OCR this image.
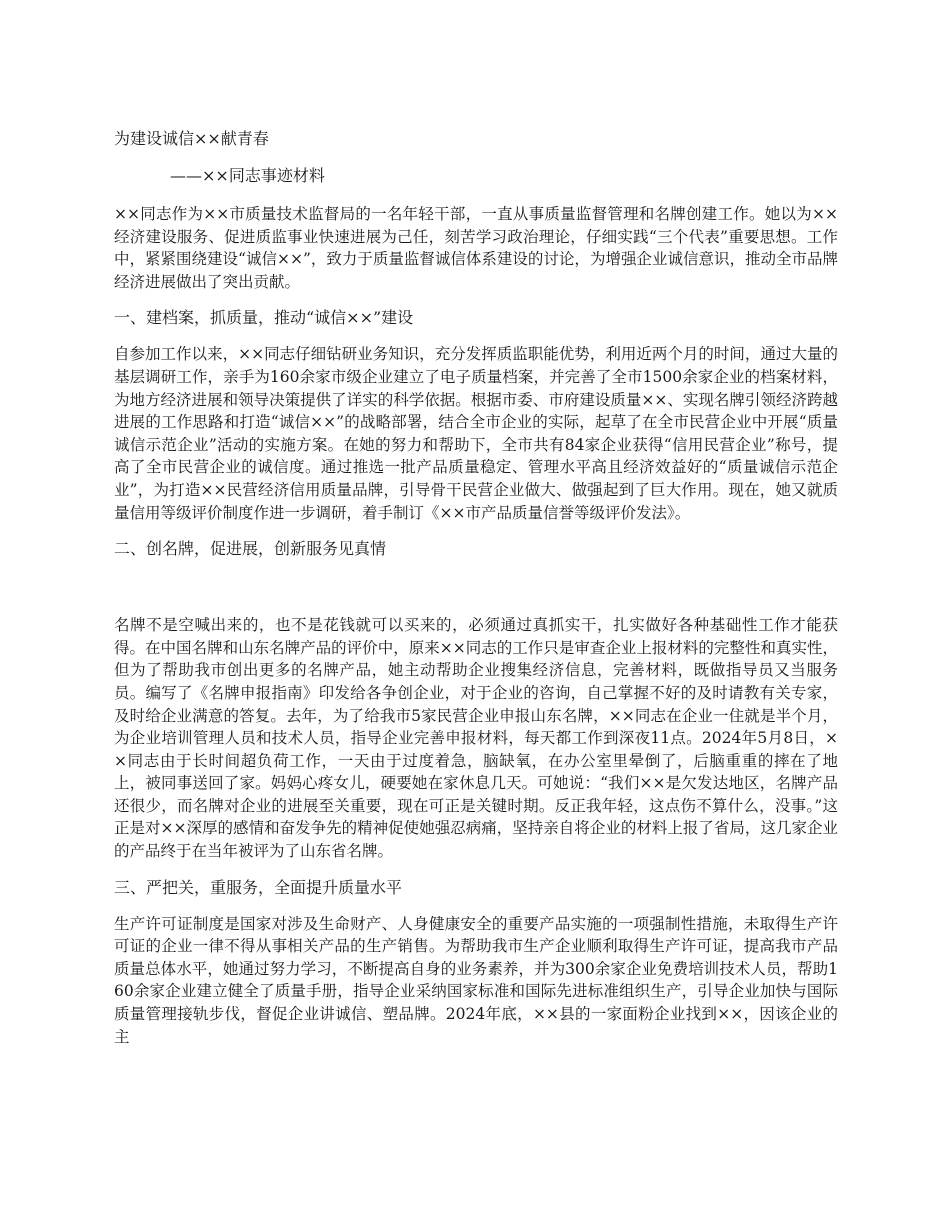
为建设诚信××献青春

——××同志事迹材料

××同志作为××市质量技术监督局的一名年轻干部，一直从事质量监督管理和名牌创建工作。她以为××经济建设服务、促进质监事业快速进展为己任，刻苦学习政治理论，仔细实践“三个代表”重要思想。工作中，紧紧围绕建设“诚信××”，致力于质量监督诚信体系建设的讨论，为增强企业诚信意识，推动全市品牌经济进展做出了突出贡献。

一、建档案，抓质量，推动“诚信××”建设

自参加工作以来，××同志仔细钻研业务知识，充分发挥质监职能优势，利用近两个月的时间，通过大量的基层调研工作，亲手为160余家市级企业建立了电子质量档案，并完善了全市1500余家企业的档案材料，为地方经济进展和领导决策提供了详实的科学依据。根据市委、市府建设质量××、实现名牌引领经济跨越进展的工作思路和打造“诚信××”的战略部署，结合全市企业的实际，起草了在全市民营企业中开展“质量诚信示范企业”活动的实施方案。在她的努力和帮助下，全市共有84家企业获得“信用民营企业”称号，提高了全市民营企业的诚信度。通过推选一批产品质量稳定、管理水平高且经济效益好的“质量诚信示范企业”，为打造××民营经济信用质量品牌，引导骨干民营企业做大、做强起到了巨大作用。现在，她又就质量信用等级评价制度作进一步调研，着手制订《××市产品质量信誉等级评价发法》。

二、创名牌，促进展，创新服务见真情

名牌不是空喊出来的，也不是花钱就可以买来的，必须通过真抓实干，扎实做好各种基础性工作才能获得。在中国名牌和山东名牌产品的评价中，原来××同志的工作只是审查企业上报材料的完整性和真实性，但为了帮助我市创出更多的名牌产品，她主动帮助企业搜集经济信息，完善材料，既做指导员又当服务员。编写了《名牌申报指南》印发给各争创企业，对于企业的咨询，自己掌握不好的及时请教有关专家，及时给企业满意的答复。去年，为了给我市5家民营企业申报山东名牌，××同志在企业一住就是半个月，为企业培训管理人员和技术人员，指导企业完善申报材料，每天都工作到深夜11点。2024年5月8日，××同志由于长时间超负荷工作，一天由于过度着急，脑缺氧，在办公室里晕倒了，后脑重重的摔在了地上，被同事送回了家。妈妈心疼女儿，硬要她在家休息几天。可她说：“我们××是欠发达地区，名牌产品还很少，而名牌对企业的进展至关重要，现在可正是关键时期。反正我年轻，这点伤不算什么，没事。”这正是对××深厚的感情和奋发争先的精神促使她强忍病痛，坚持亲自将企业的材料上报了省局，这几家企业的产品终于在当年被评为了山东省名牌。

三、严把关，重服务，全面提升质量水平

生产许可证制度是国家对涉及生命财产、人身健康安全的重要产品实施的一项强制性措施，未取得生产许可证的企业一律不得从事相关产品的生产销售。为帮助我市生产企业顺利取得生产许可证，提高我市产品质量总体水平，她通过努力学习，不断提高自身的业务素养，并为300余家企业免费培训技术人员，帮助160余家企业建立健全了质量手册，指导企业采纳国家标准和国际先进标准组织生产，引导企业加快与国际质量管理接轨步伐，督促企业讲诚信、塑品牌。2024年底，××县的一家面粉企业找到××，因该企业的主
